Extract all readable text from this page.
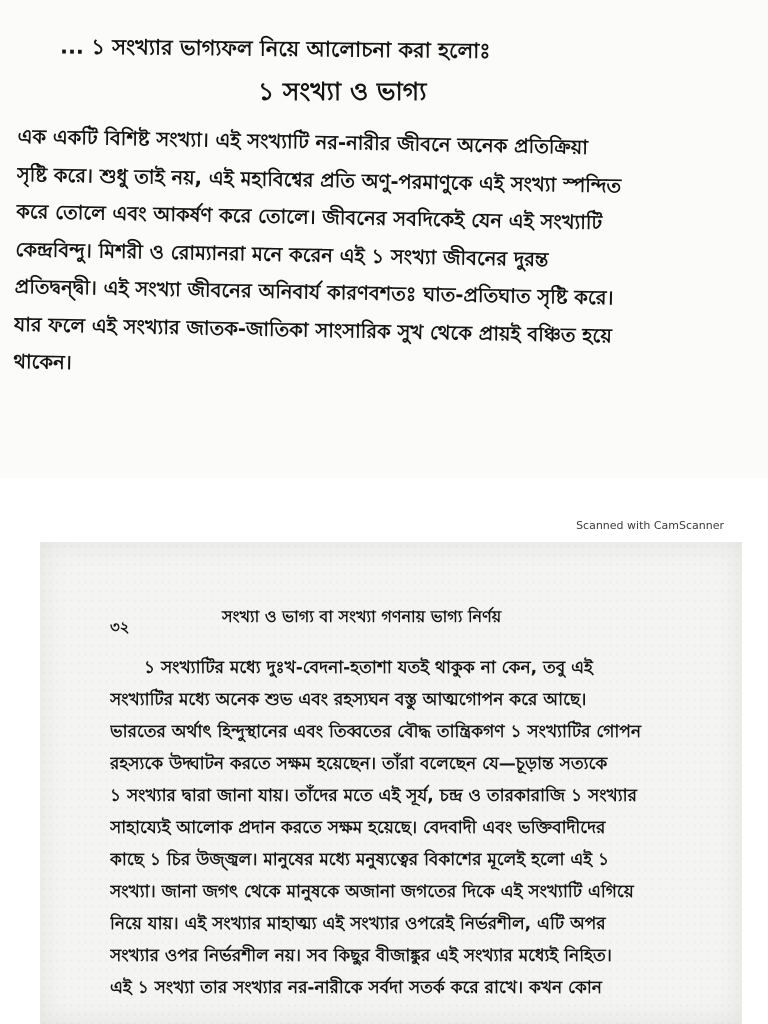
... ১ সংখ্যার ভাগ্যফল নিয়ে আলোচনা করা হলোঃ
১ সংখ্যা ও ভাগ্য
এক একটি বিশিষ্ট সংখ্যা। এই সংখ্যাটি নর-নারীর জীবনে অনেক প্রতিক্রিয়া
সৃষ্টি করে। শুধু তাই নয়, এই মহাবিশ্বের প্রতি অণু-পরমাণুকে এই সংখ্যা স্পন্দিত
করে তোলে এবং আকর্ষণ করে তোলে। জীবনের সবদিকেই যেন এই সংখ্যাটি
কেন্দ্রবিন্দু। মিশরী ও রোম্যানরা মনে করেন এই ১ সংখ্যা জীবনের দুরন্ত
প্রতিদ্বন্দ্বী। এই সংখ্যা জীবনের অনিবার্য কারণবশতঃ ঘাত-প্রতিঘাত সৃষ্টি করে।
যার ফলে এই সংখ্যার জাতক-জাতিকা সাংসারিক সুখ থেকে প্রায়ই বঞ্চিত হয়ে
থাকেন।
Scanned with CamScanner
৩২
সংখ্যা ও ভাগ্য বা সংখ্যা গণনায় ভাগ্য নির্ণয়
১ সংখ্যাটির মধ্যে দুঃখ-বেদনা-হতাশা যতই থাকুক না কেন, তবু এই
সংখ্যাটির মধ্যে অনেক শুভ এবং রহস্যঘন বস্তু আত্মগোপন করে আছে।
ভারতের অর্থাৎ হিন্দুস্থানের এবং তিব্বতের বৌদ্ধ তান্ত্রিকগণ ১ সংখ্যাটির গোপন
রহস্যকে উদ্ঘাটন করতে সক্ষম হয়েছেন। তাঁরা বলেছেন যে—চূড়ান্ত সত্যকে
১ সংখ্যার দ্বারা জানা যায়। তাঁদের মতে এই সূর্য, চন্দ্র ও তারকারাজি ১ সংখ্যার
সাহায্যেই আলোক প্রদান করতে সক্ষম হয়েছে। বেদবাদী এবং ভক্তিবাদীদের
কাছে ১ চির উজ্জ্বল। মানুষের মধ্যে মনুষ্যত্বের বিকাশের মূলেই হলো এই ১
সংখ্যা। জানা জগৎ থেকে মানুষকে অজানা জগতের দিকে এই সংখ্যাটি এগিয়ে
নিয়ে যায়। এই সংখ্যার মাহাত্ম্য এই সংখ্যার ওপরেই নির্ভরশীল, এটি অপর
সংখ্যার ওপর নির্ভরশীল নয়। সব কিছুর বীজাঙ্কুর এই সংখ্যার মধ্যেই নিহিত।
এই ১ সংখ্যা তার সংখ্যার নর-নারীকে সর্বদা সতর্ক করে রাখে। কখন কোন
